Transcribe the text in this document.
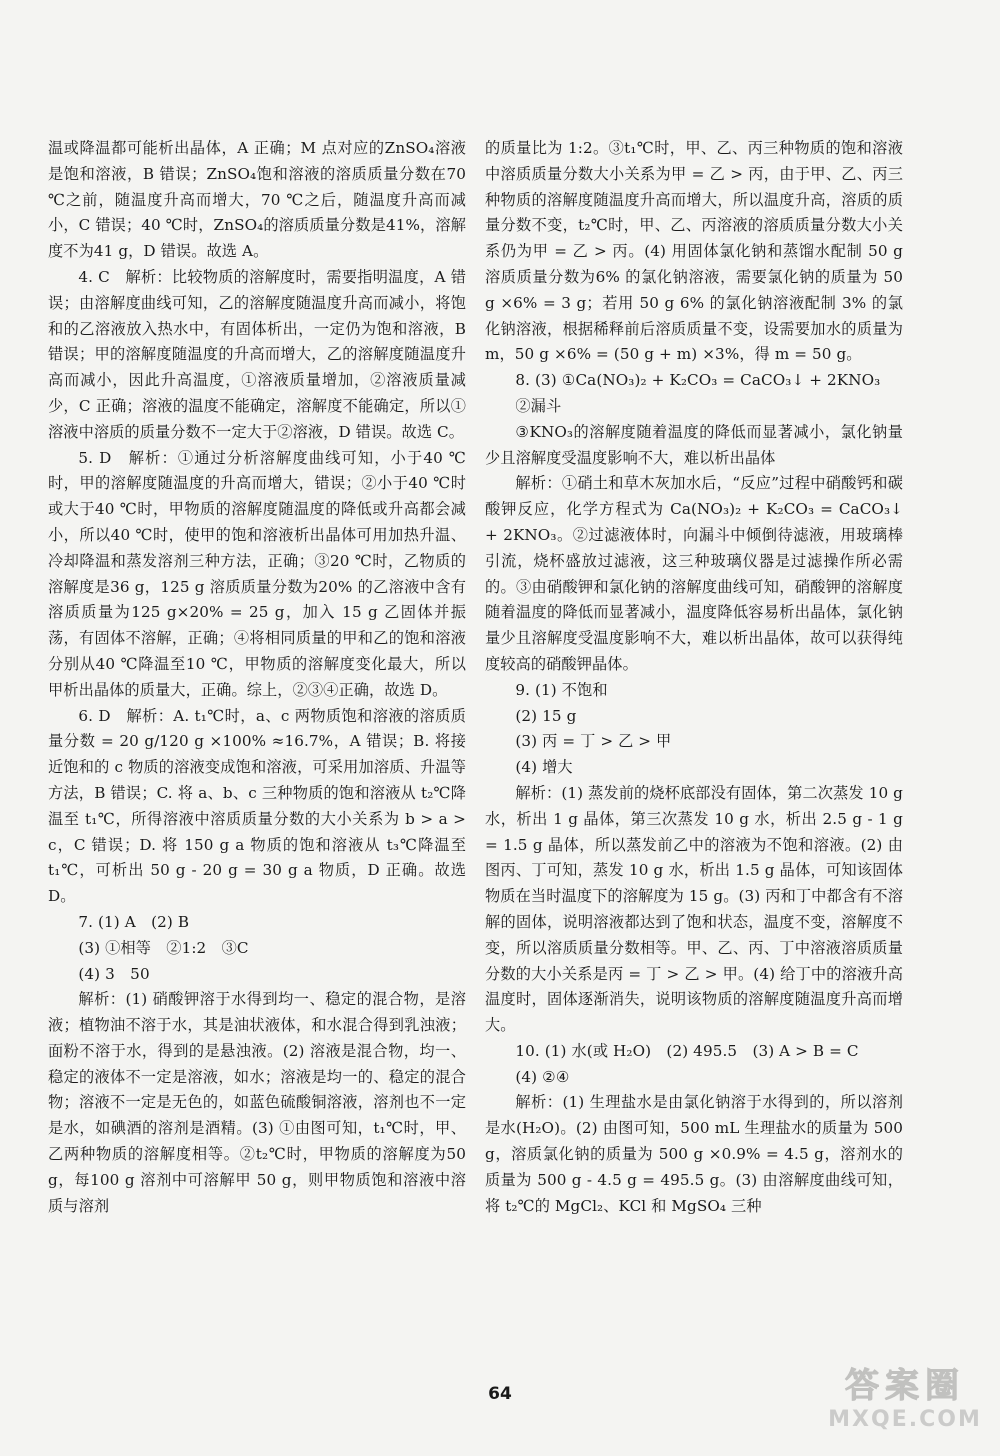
温或降温都可能析出晶体，A 正确；M 点对应的ZnSO₄溶液是饱和溶液，B 错误；ZnSO₄饱和溶液的溶质质量分数在70 ℃之前，随温度升高而增大，70 ℃之后，随温度升高而减小，C 错误；40 ℃时，ZnSO₄的溶质质量分数是41%，溶解度不为41 g，D 错误。故选 A。

4. C　解析：比较物质的溶解度时，需要指明温度，A 错误；由溶解度曲线可知，乙的溶解度随温度升高而减小，将饱和的乙溶液放入热水中，有固体析出，一定仍为饱和溶液，B 错误；甲的溶解度随温度的升高而增大，乙的溶解度随温度升高而减小，因此升高温度，①溶液质量增加，②溶液质量减少，C 正确；溶液的温度不能确定，溶解度不能确定，所以①溶液中溶质的质量分数不一定大于②溶液，D 错误。故选 C。

5. D　解析：①通过分析溶解度曲线可知，小于40 ℃时，甲的溶解度随温度的升高而增大，错误；②小于40 ℃时或大于40 ℃时，甲物质的溶解度随温度的降低或升高都会减小，所以40 ℃时，使甲的饱和溶液析出晶体可用加热升温、冷却降温和蒸发溶剂三种方法，正确；③20 ℃时，乙物质的溶解度是36 g，125 g 溶质质量分数为20% 的乙溶液中含有溶质质量为125 g×20% = 25 g，加入 15 g 乙固体并振荡，有固体不溶解，正确；④将相同质量的甲和乙的饱和溶液分别从40 ℃降温至10 ℃，甲物质的溶解度变化最大，所以甲析出晶体的质量大，正确。综上，②③④正确，故选 D。

6. D　解析：A. t₁℃时，a、c 两物质饱和溶液的溶质质量分数 = 20 g/120 g ×100% ≈16.7%，A 错误；B. 将接近饱和的 c 物质的溶液变成饱和溶液，可采用加溶质、升温等方法，B 错误；C. 将 a、b、c 三种物质的饱和溶液从 t₂℃降温至 t₁℃，所得溶液中溶质质量分数的大小关系为 b > a > c，C 错误；D. 将 150 g a 物质的饱和溶液从 t₃℃降温至 t₁℃，可析出 50 g - 20 g = 30 g a 物质，D 正确。故选 D。

7. (1) A　(2) B

(3) ①相等　②1:2　③C

(4) 3　50

解析：(1) 硝酸钾溶于水得到均一、稳定的混合物，是溶液；植物油不溶于水，其是油状液体，和水混合得到乳浊液；面粉不溶于水，得到的是悬浊液。(2) 溶液是混合物，均一、稳定的液体不一定是溶液，如水；溶液是均一的、稳定的混合物；溶液不一定是无色的，如蓝色硫酸铜溶液，溶剂也不一定是水，如碘酒的溶剂是酒精。(3) ①由图可知，t₁℃时，甲、乙两种物质的溶解度相等。②t₂℃时，甲物质的溶解度为50 g，每100 g 溶剂中可溶解甲 50 g，则甲物质饱和溶液中溶质与溶剂

的质量比为 1:2。③t₁℃时，甲、乙、丙三种物质的饱和溶液中溶质质量分数大小关系为甲 = 乙 > 丙，由于甲、乙、丙三种物质的溶解度随温度升高而增大，所以温度升高，溶质的质量分数不变，t₂℃时，甲、乙、丙溶液的溶质质量分数大小关系仍为甲 = 乙 > 丙。(4) 用固体氯化钠和蒸馏水配制 50 g 溶质质量分数为6% 的氯化钠溶液，需要氯化钠的质量为 50 g ×6% = 3 g；若用 50 g 6% 的氯化钠溶液配制 3% 的氯化钠溶液，根据稀释前后溶质质量不变，设需要加水的质量为 m，50 g ×6% = (50 g + m) ×3%，得 m = 50 g。

8. (3) ①Ca(NO₃)₂ + K₂CO₃ = CaCO₃↓ + 2KNO₃

②漏斗

③KNO₃的溶解度随着温度的降低而显著减小，氯化钠量少且溶解度受温度影响不大，难以析出晶体

解析：①硝土和草木灰加水后，“反应”过程中硝酸钙和碳酸钾反应，化学方程式为 Ca(NO₃)₂ + K₂CO₃ = CaCO₃↓ + 2KNO₃。②过滤液体时，向漏斗中倾倒待滤液，用玻璃棒引流，烧杯盛放过滤液，这三种玻璃仪器是过滤操作所必需的。③由硝酸钾和氯化钠的溶解度曲线可知，硝酸钾的溶解度随着温度的降低而显著减小，温度降低容易析出晶体，氯化钠量少且溶解度受温度影响不大，难以析出晶体，故可以获得纯度较高的硝酸钾晶体。

9. (1) 不饱和

(2) 15 g

(3) 丙 = 丁 > 乙 > 甲

(4) 增大

解析：(1) 蒸发前的烧杯底部没有固体，第二次蒸发 10 g 水，析出 1 g 晶体，第三次蒸发 10 g 水，析出 2.5 g - 1 g = 1.5 g 晶体，所以蒸发前乙中的溶液为不饱和溶液。(2) 由图丙、丁可知，蒸发 10 g 水，析出 1.5 g 晶体，可知该固体物质在当时温度下的溶解度为 15 g。(3) 丙和丁中都含有不溶解的固体，说明溶液都达到了饱和状态，温度不变，溶解度不变，所以溶质质量分数相等。甲、乙、丙、丁中溶液溶质质量分数的大小关系是丙 = 丁 > 乙 > 甲。(4) 给丁中的溶液升高温度时，固体逐渐消失，说明该物质的溶解度随温度升高而增大。

10. (1) 水(或 H₂O)　(2) 495.5　(3) A > B = C

(4) ②④

解析：(1) 生理盐水是由氯化钠溶于水得到的，所以溶剂是水(H₂O)。(2) 由图可知，500 mL 生理盐水的质量为 500 g，溶质氯化钠的质量为 500 g ×0.9% = 4.5 g，溶剂水的质量为 500 g - 4.5 g = 495.5 g。(3) 由溶解度曲线可知，将 t₂℃的 MgCl₂、KCl 和 MgSO₄ 三种

64	答案圈
MXQE.COM
